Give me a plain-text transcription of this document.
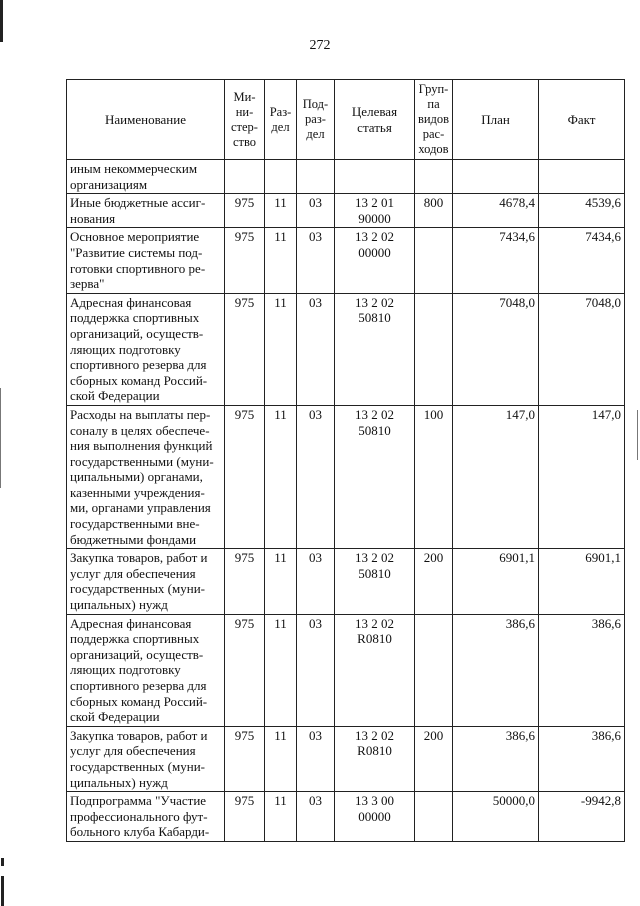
272
Наименование	Ми- ни- стер- ство	Раз- дел	Под- раз- дел	Целевая статья	Груп- па видов рас- ходов	План	Факт
иным некоммерческим организациям							
Иные бюджетные ассиг- нования	975	11	03	13 2 01 90000	800	4678,4	4539,6
Основное мероприятие "Развитие системы под- готовки спортивного ре- зерва"	975	11	03	13 2 02 00000		7434,6	7434,6
Адресная финансовая поддержка спортивных организаций, осуществ- ляющих подготовку спортивного резерва для сборных команд Россий- ской Федерации	975	11	03	13 2 02 50810		7048,0	7048,0
Расходы на выплаты пер- соналу в целях обеспече- ния выполнения функций государственными (муни- ципальными) органами, казенными учреждения- ми, органами управления государственными вне- бюджетными фондами	975	11	03	13 2 02 50810	100	147,0	147,0
Закупка товаров, работ и услуг для обеспечения государственных (муни- ципальных) нужд	975	11	03	13 2 02 50810	200	6901,1	6901,1
Адресная финансовая поддержка спортивных организаций, осуществ- ляющих подготовку спортивного резерва для сборных команд Россий- ской Федерации	975	11	03	13 2 02 R0810		386,6	386,6
Закупка товаров, работ и услуг для обеспечения государственных (муни- ципальных) нужд	975	11	03	13 2 02 R0810	200	386,6	386,6
Подпрограмма "Участие профессионального фут- больного клуба Кабарди-	975	11	03	13 3 00 00000		50000,0	-9942,8
